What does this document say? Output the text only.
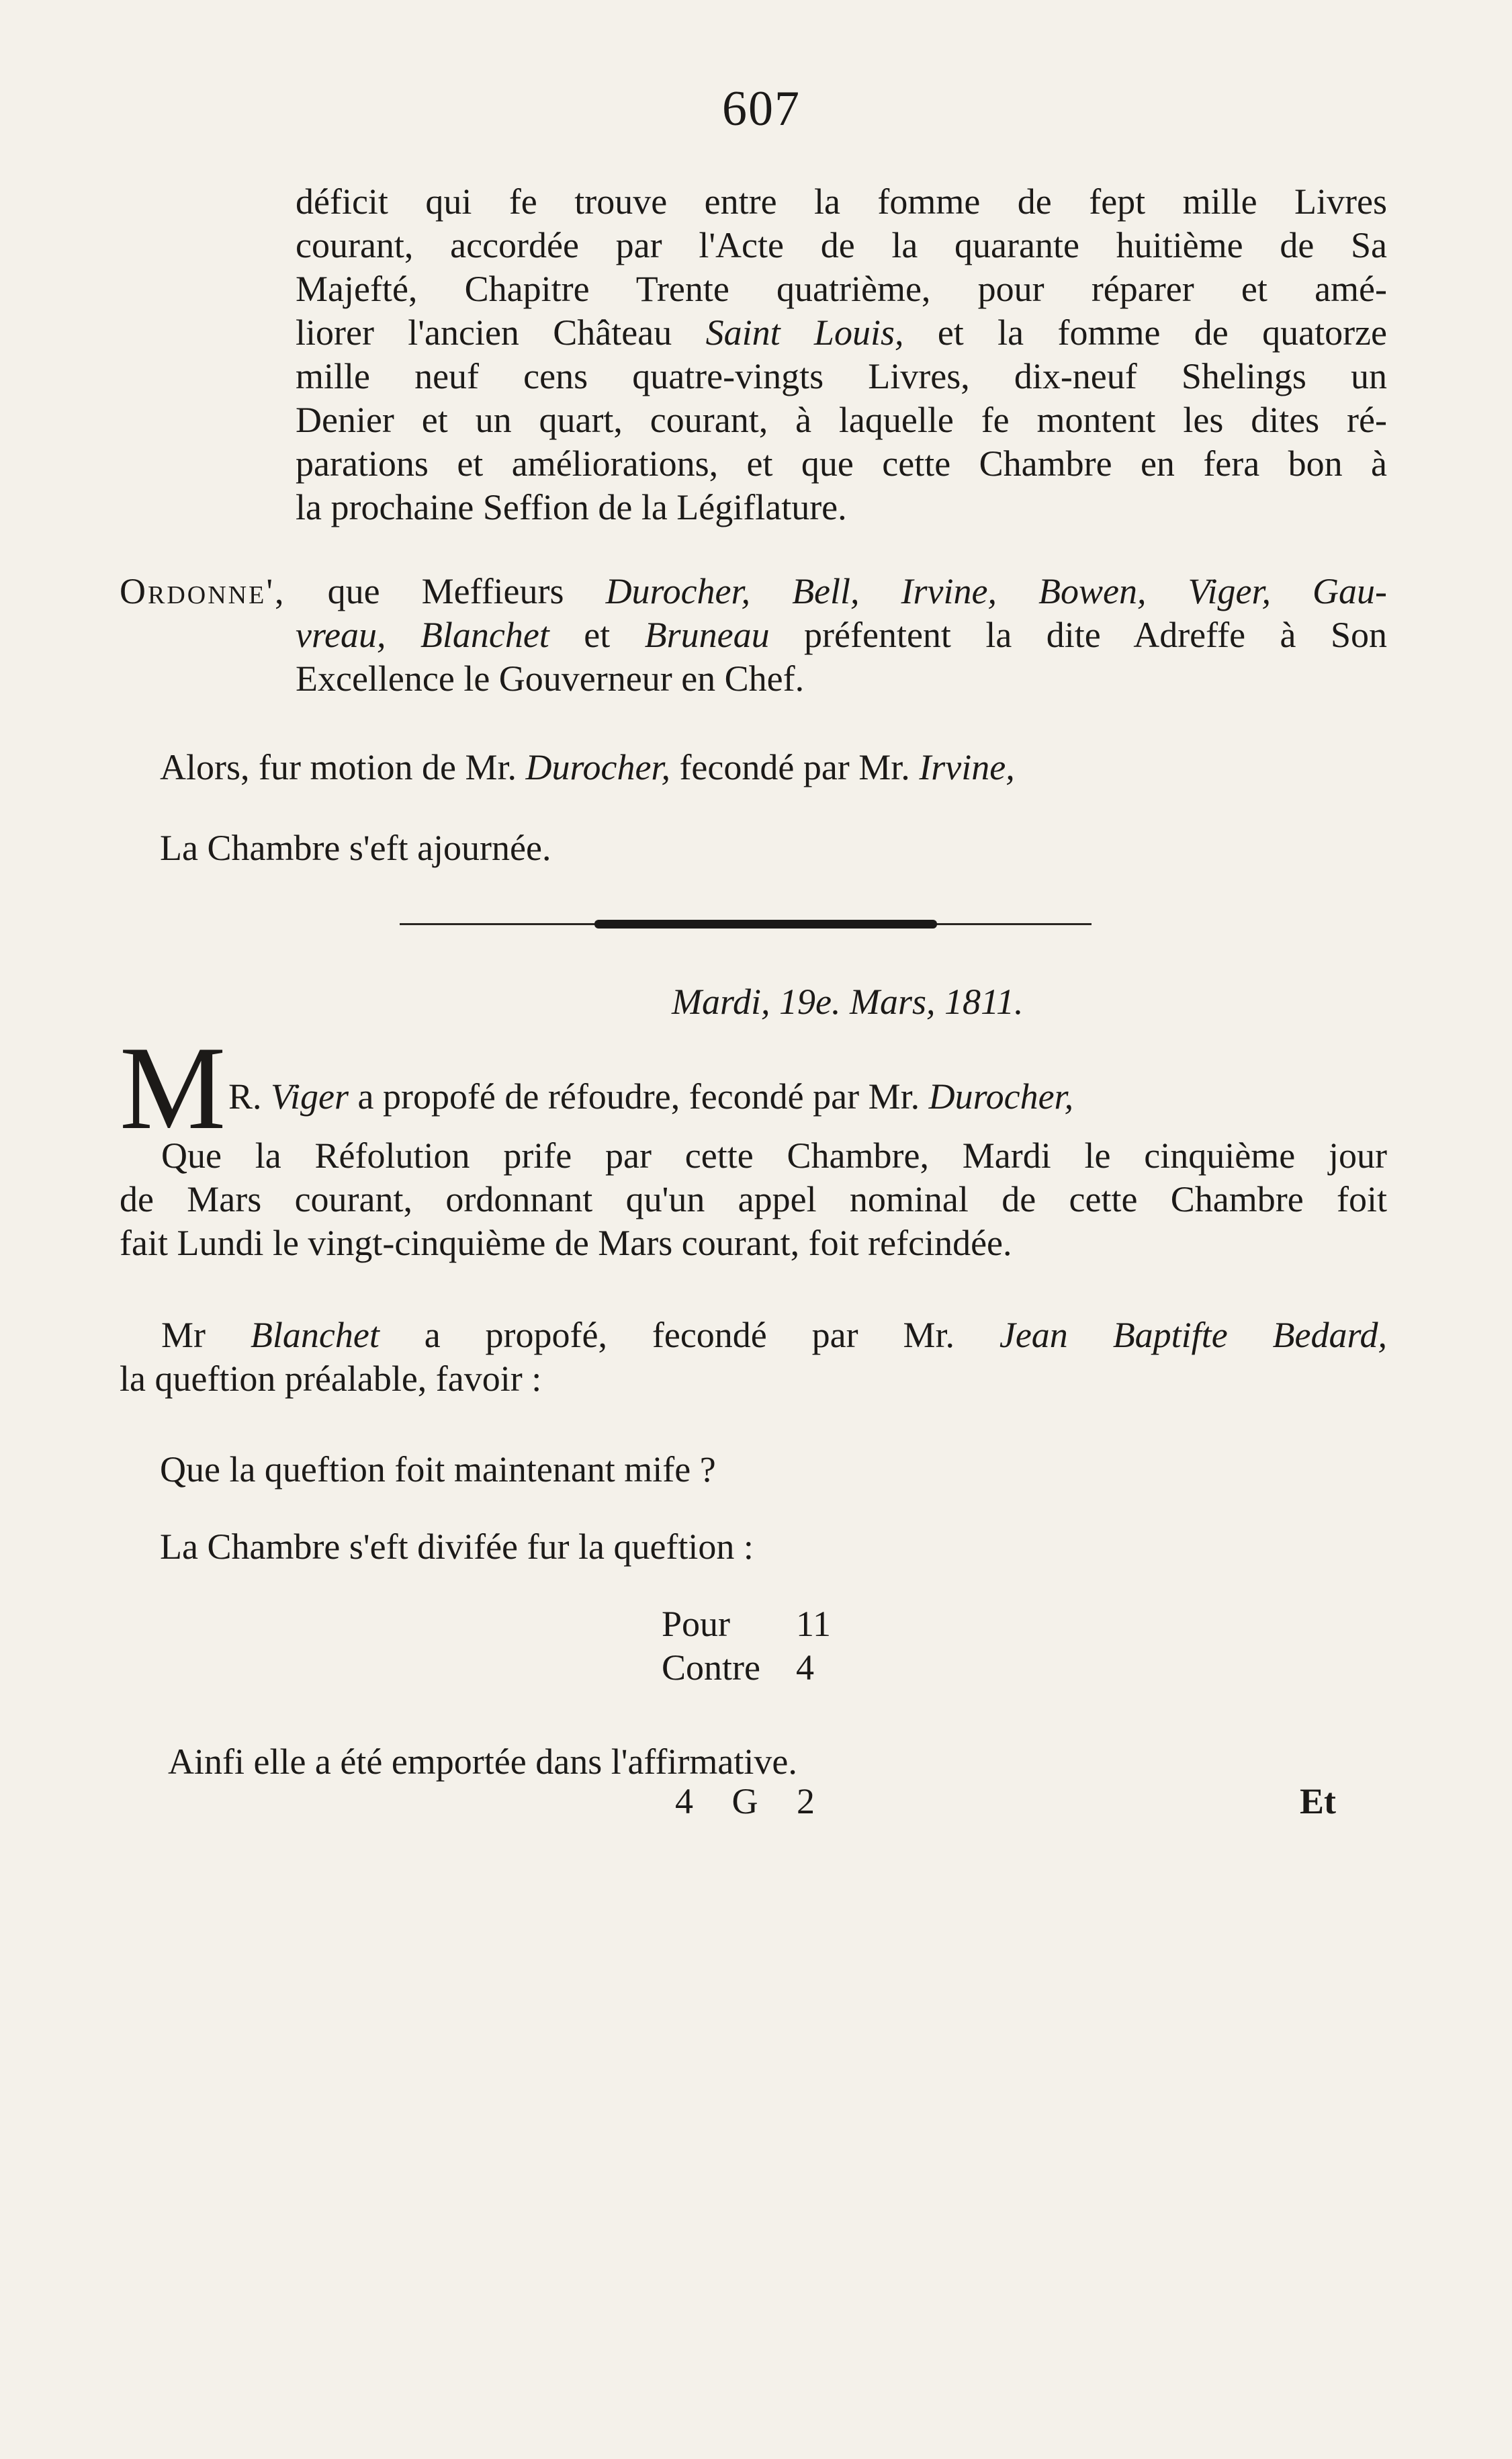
607
déficit qui fe trouve entre la fomme de fept mille Livres
courant, accordée par l'Acte de la quarante huitième de Sa
Majefté, Chapitre Trente quatrième, pour réparer et amé-
liorer l'ancien Château Saint Louis, et la fomme de quatorze
mille neuf cens quatre-vingts Livres, dix-neuf Shelings un
Denier et un quart, courant, à laquelle fe montent les dites ré-
parations et améliorations, et que cette Chambre en fera bon à
la prochaine Seffion de la Légiflature.
Ordonne', que Meffieurs Durocher, Bell, Irvine, Bowen, Viger, Gau-
vreau, Blanchet et Bruneau préfentent la dite Adreffe à Son
Excellence le Gouverneur en Chef.
Alors, fur motion de Mr. Durocher, fecondé par Mr. Irvine,
La Chambre s'eft ajournée.
Mardi, 19e. Mars, 1811.
M R. Viger a propofé de réfoudre, fecondé par Mr. Durocher,
Que la Réfolution prife par cette Chambre, Mardi le cinquième jour
de Mars courant, ordonnant qu'un appel nominal de cette Chambre foit
fait Lundi le vingt-cinquième de Mars courant, foit refcindée.
Mr Blanchet a propofé, fecondé par Mr. Jean Baptifte Bedard,
la queftion préalable, favoir :
Que la queftion foit maintenant mife ?
La Chambre s'eft divifée fur la queftion :
Pour 11
Contre 4
Ainfi elle a été emportée dans l'affirmative.
4 G 2	Et
